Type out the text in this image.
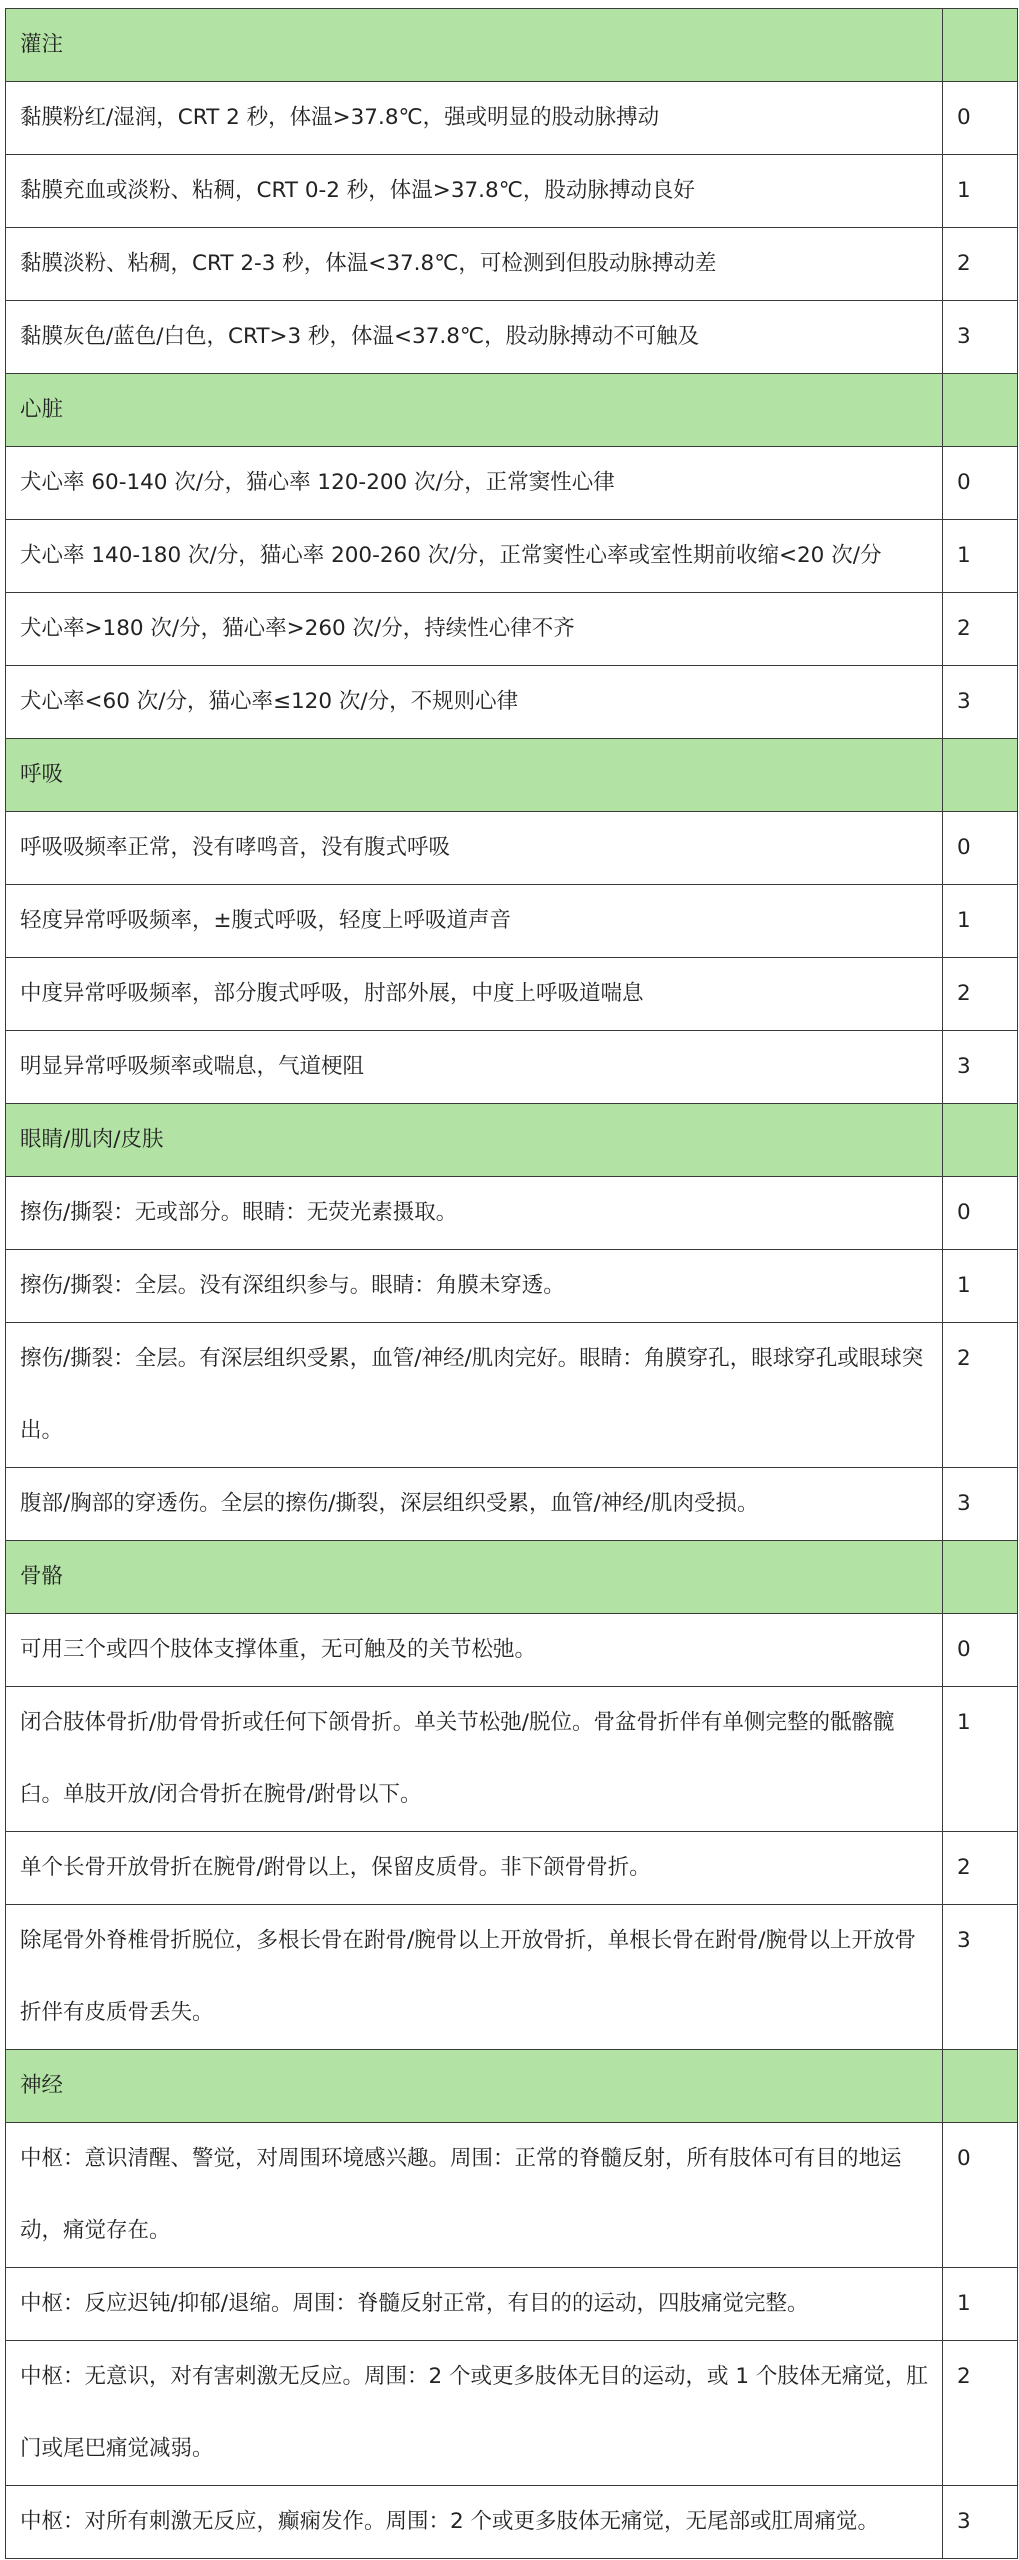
灌注	
黏膜粉红/湿润，CRT 2 秒，体温>37.8℃，强或明显的股动脉搏动	0
黏膜充血或淡粉、粘稠，CRT 0-2 秒，体温>37.8℃，股动脉搏动良好	1
黏膜淡粉、粘稠，CRT 2-3 秒，体温<37.8℃，可检测到但股动脉搏动差	2
黏膜灰色/蓝色/白色，CRT>3 秒，体温<37.8℃，股动脉搏动不可触及	3
心脏	
犬心率 60-140 次/分，猫心率 120-200 次/分，正常窦性心律	0
犬心率 140-180 次/分，猫心率 200-260 次/分，正常窦性心率或室性期前收缩<20 次/分	1
犬心率>180 次/分，猫心率>260 次/分，持续性心律不齐	2
犬心率<60 次/分，猫心率≤120 次/分，不规则心律	3
呼吸	
呼吸吸频率正常，没有哮鸣音，没有腹式呼吸	0
轻度异常呼吸频率，±腹式呼吸，轻度上呼吸道声音	1
中度异常呼吸频率，部分腹式呼吸，肘部外展，中度上呼吸道喘息	2
明显异常呼吸频率或喘息，气道梗阻	3
眼睛/肌肉/皮肤	
擦伤/撕裂：无或部分。眼睛：无荧光素摄取。	0
擦伤/撕裂：全层。没有深组织参与。眼睛：角膜未穿透。	1
擦伤/撕裂：全层。有深层组织受累，血管/神经/肌肉完好。眼睛：角膜穿孔，眼球穿孔或眼球突出。	2
腹部/胸部的穿透伤。全层的擦伤/撕裂，深层组织受累，血管/神经/肌肉受损。	3
骨骼	
可用三个或四个肢体支撑体重，无可触及的关节松弛。	0
闭合肢体骨折/肋骨骨折或任何下颌骨折。单关节松弛/脱位。骨盆骨折伴有单侧完整的骶髂髋臼。单肢开放/闭合骨折在腕骨/跗骨以下。	1
单个长骨开放骨折在腕骨/跗骨以上，保留皮质骨。非下颌骨骨折。	2
除尾骨外脊椎骨折脱位，多根长骨在跗骨/腕骨以上开放骨折，单根长骨在跗骨/腕骨以上开放骨折伴有皮质骨丢失。	3
神经	
中枢：意识清醒、警觉，对周围环境感兴趣。周围：正常的脊髓反射，所有肢体可有目的地运动，痛觉存在。	0
中枢：反应迟钝/抑郁/退缩。周围：脊髓反射正常，有目的的运动，四肢痛觉完整。	1
中枢：无意识，对有害刺激无反应。周围：2 个或更多肢体无目的运动，或 1 个肢体无痛觉，肛门或尾巴痛觉减弱。	2
中枢：对所有刺激无反应，癫痫发作。周围：2 个或更多肢体无痛觉，无尾部或肛周痛觉。	3
